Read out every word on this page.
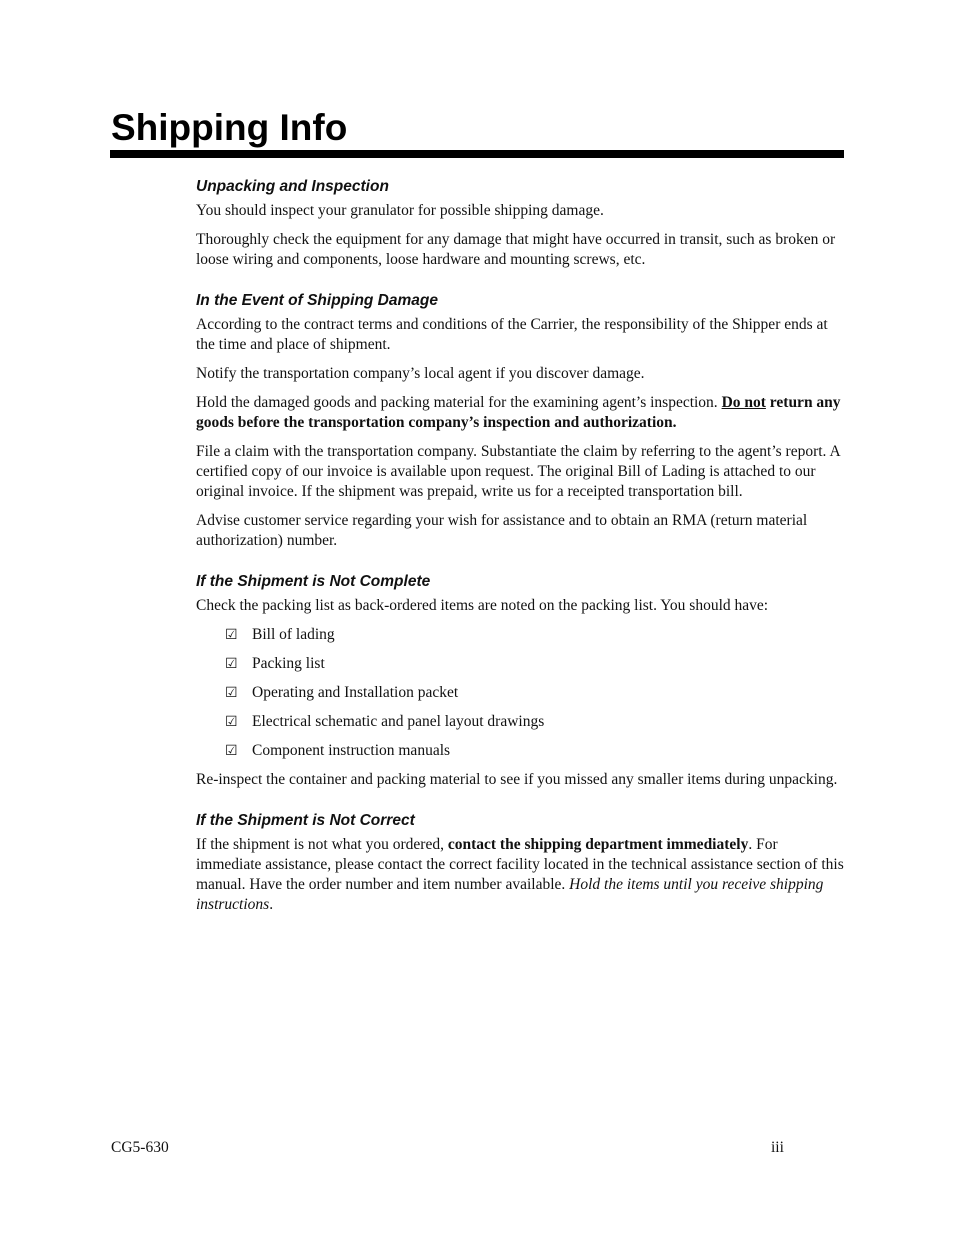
Shipping Info
Unpacking and Inspection

You should inspect your granulator for possible shipping damage.

Thoroughly check the equipment for any damage that might have occurred in transit, such as broken or loose wiring and components, loose hardware and mounting screws, etc.

In the Event of Shipping Damage

According to the contract terms and conditions of the Carrier, the responsibility of the Shipper ends at the time and place of shipment.

Notify the transportation company’s local agent if you discover damage.

Hold the damaged goods and packing material for the examining agent’s inspection. Do not return any goods before the transportation company’s inspection and authorization.

File a claim with the transportation company. Substantiate the claim by referring to the agent’s report. A certified copy of our invoice is available upon request. The original Bill of Lading is attached to our original invoice. If the shipment was prepaid, write us for a receipted transportation bill.

Advise customer service regarding your wish for assistance and to obtain an RMA (return material authorization) number.

If the Shipment is Not Complete

Check the packing list as back-ordered items are noted on the packing list. You should have:

☑ Bill of lading
☑ Packing list
☑ Operating and Installation packet
☑ Electrical schematic and panel layout drawings
☑ Component instruction manuals

Re-inspect the container and packing material to see if you missed any smaller items during unpacking.

If the Shipment is Not Correct

If the shipment is not what you ordered, contact the shipping department immediately. For immediate assistance, please contact the correct facility located in the technical assistance section of this manual. Have the order number and item number available. Hold the items until you receive shipping instructions.

CG5-630	iii
